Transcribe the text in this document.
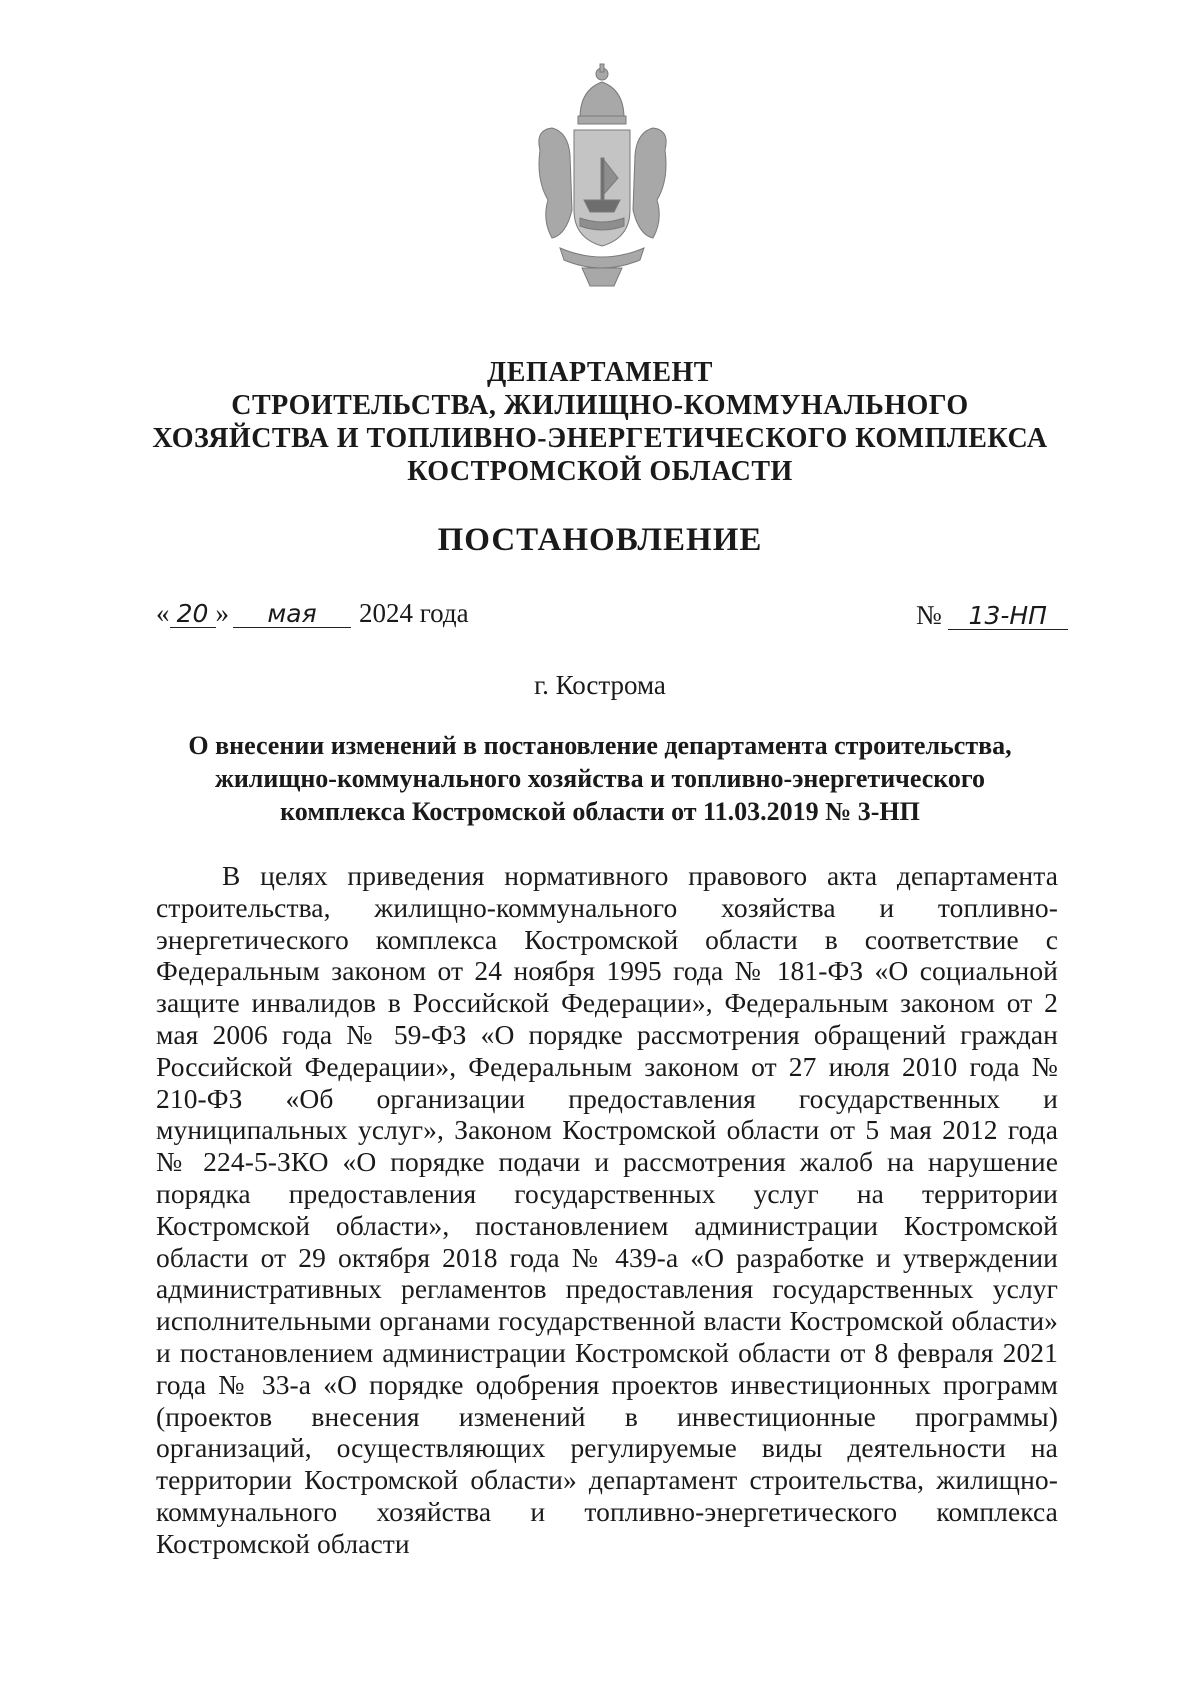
ДЕПАРТАМЕНТ
СТРОИТЕЛЬСТВА, ЖИЛИЩНО-КОММУНАЛЬНОГО
ХОЗЯЙСТВА И ТОПЛИВНО-ЭНЕРГЕТИЧЕСКОГО КОМПЛЕКСА
КОСТРОМСКОЙ ОБЛАСТИ
ПОСТАНОВЛЕНИЕ
« 20 » мая 2024 года	№ 13-НП
г. Кострома
О внесении изменений в постановление департамента строительства,
жилищно-коммунального хозяйства и топливно-энергетического
комплекса Костромской области от 11.03.2019 № 3-НП

В целях приведения нормативного правового акта департамента строительства, жилищно-коммунального хозяйства и топливно-энергетического комплекса Костромской области в соответствие с Федеральным законом от 24 ноября 1995 года № 181-ФЗ «О социальной защите инвалидов в Российской Федерации», Федеральным законом от 2 мая 2006 года № 59-ФЗ «О порядке рассмотрения обращений граждан Российской Федерации», Федеральным законом от 27 июля 2010 года № 210-ФЗ «Об организации предоставления государственных и муниципальных услуг», Законом Костромской области от 5 мая 2012 года № 224-5-ЗКО «О порядке подачи и рассмотрения жалоб на нарушение порядка предоставления государственных услуг на территории Костромской области», постановлением администрации Костромской области от 29 октября 2018 года № 439-а «О разработке и утверждении административных регламентов предоставления государственных услуг исполнительными органами государственной власти Костромской области» и постановлением администрации Костромской области от 8 февраля 2021 года № 33-а «О порядке одобрения проектов инвестиционных программ (проектов внесения изменений в инвестиционные программы) организаций, осуществляющих регулируемые виды деятельности на территории Костромской области» департамент строительства, жилищно-коммунального хозяйства и топливно-энергетического комплекса Костромской области
